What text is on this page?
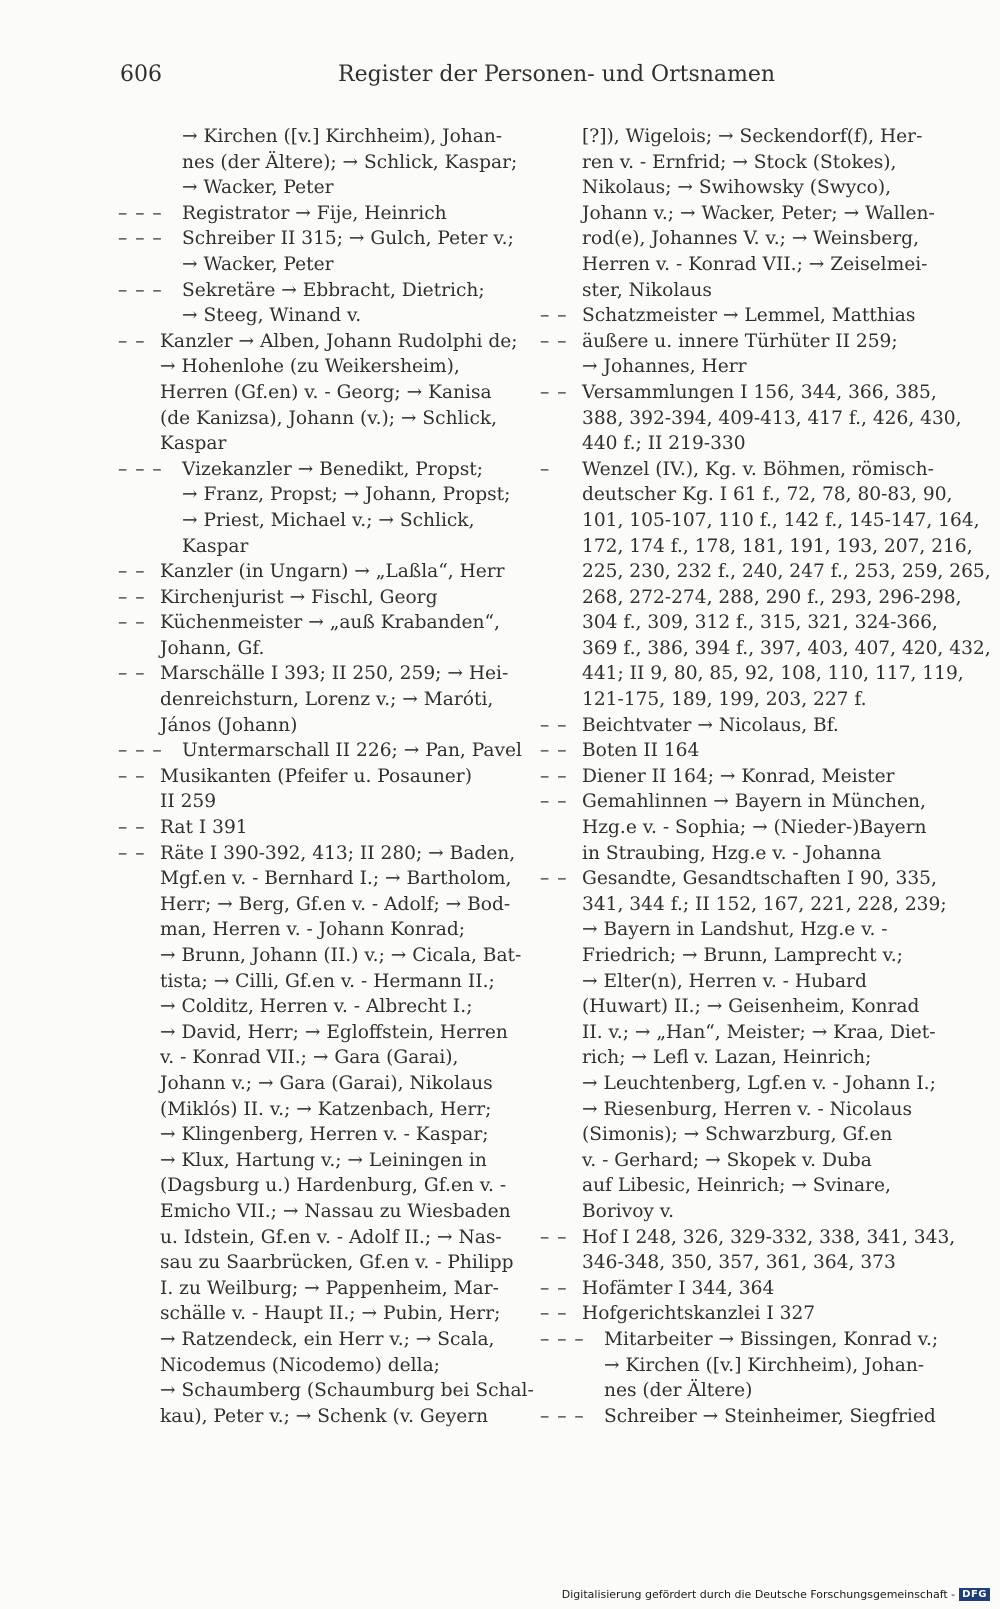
606	Register der Personen- und Ortsnamen
→ Kirchen ([v.] Kirchheim), Johan-
nes (der Ältere); → Schlick, Kaspar;
→ Wacker, Peter
– – –	Registrator → Fije, Heinrich
– – –	Schreiber II 315; → Gulch, Peter v.;
→ Wacker, Peter
– – –	Sekretäre → Ebbracht, Dietrich;
→ Steeg, Winand v.
– – Kanzler → Alben, Johann Rudolphi de;
→ Hohenlohe (zu Weikersheim),
Herren (Gf.en) v. - Georg; → Kanisa
(de Kanizsa), Johann (v.); → Schlick,
Kaspar
– – –	Vizekanzler → Benedikt, Propst;
→ Franz, Propst; → Johann, Propst;
→ Priest, Michael v.; → Schlick,
Kaspar
– – Kanzler (in Ungarn) → „Laßla“, Herr
– – Kirchenjurist → Fischl, Georg
– – Küchenmeister → „auß Krabanden“,
Johann, Gf.
– – Marschälle I 393; II 250, 259; → Hei-
denreichsturn, Lorenz v.; → Maróti,
János (Johann)
– – –	Untermarschall II 226; → Pan, Pavel
– – Musikanten (Pfeifer u. Posauner)
II 259
– – Rat I 391
– – Räte I 390-392, 413; II 280; → Baden,
Mgf.en v. - Bernhard I.; → Bartholom,
Herr; → Berg, Gf.en v. - Adolf; → Bod-
man, Herren v. - Johann Konrad;
→ Brunn, Johann (II.) v.; → Cicala, Bat-
tista; → Cilli, Gf.en v. - Hermann II.;
→ Colditz, Herren v. - Albrecht I.;
→ David, Herr; → Egloffstein, Herren
v. - Konrad VII.; → Gara (Garai),
Johann v.; → Gara (Garai), Nikolaus
(Miklós) II. v.; → Katzenbach, Herr;
→ Klingenberg, Herren v. - Kaspar;
→ Klux, Hartung v.; → Leiningen in
(Dagsburg u.) Hardenburg, Gf.en v. -
Emicho VII.; → Nassau zu Wiesbaden
u. Idstein, Gf.en v. - Adolf II.; → Nas-
sau zu Saarbrücken, Gf.en v. - Philipp
I. zu Weilburg; → Pappenheim, Mar-
schälle v. - Haupt II.; → Pubin, Herr;
→ Ratzendeck, ein Herr v.; → Scala,
Nicodemus (Nicodemo) della;
→ Schaumberg (Schaumburg bei Schal-
kau), Peter v.; → Schenk (v. Geyern
[?]), Wigelois; → Seckendorf(f), Her-
ren v. - Ernfrid; → Stock (Stokes),
Nikolaus; → Swihowsky (Swyco),
Johann v.; → Wacker, Peter; → Wallen-
rod(e), Johannes V. v.; → Weinsberg,
Herren v. - Konrad VII.; → Zeiselmei-
ster, Nikolaus
– – Schatzmeister → Lemmel, Matthias
– – äußere u. innere Türhüter II 259;
→ Johannes, Herr
– – Versammlungen I 156, 344, 366, 385,
388, 392-394, 409-413, 417 f., 426, 430,
440 f.; II 219-330
–	Wenzel (IV.), Kg. v. Böhmen, römisch-
deutscher Kg. I 61 f., 72, 78, 80-83, 90,
101, 105-107, 110 f., 142 f., 145-147, 164,
172, 174 f., 178, 181, 191, 193, 207, 216,
225, 230, 232 f., 240, 247 f., 253, 259, 265,
268, 272-274, 288, 290 f., 293, 296-298,
304 f., 309, 312 f., 315, 321, 324-366,
369 f., 386, 394 f., 397, 403, 407, 420, 432,
441; II 9, 80, 85, 92, 108, 110, 117, 119,
121-175, 189, 199, 203, 227 f.
– – Beichtvater → Nicolaus, Bf.
– – Boten II 164
– – Diener II 164; → Konrad, Meister
– – Gemahlinnen → Bayern in München,
Hzg.e v. - Sophia; → (Nieder-)Bayern
in Straubing, Hzg.e v. - Johanna
– – Gesandte, Gesandtschaften I 90, 335,
341, 344 f.; II 152, 167, 221, 228, 239;
→ Bayern in Landshut, Hzg.e v. -
Friedrich; → Brunn, Lamprecht v.;
→ Elter(n), Herren v. - Hubard
(Huwart) II.; → Geisenheim, Konrad
II. v.; → „Han“, Meister; → Kraa, Diet-
rich; → Lefl v. Lazan, Heinrich;
→ Leuchtenberg, Lgf.en v. - Johann I.;
→ Riesenburg, Herren v. - Nicolaus
(Simonis); → Schwarzburg, Gf.en
v. - Gerhard; → Skopek v. Duba
auf Libesic, Heinrich; → Svinare,
Borivoy v.
– – Hof I 248, 326, 329-332, 338, 341, 343,
346-348, 350, 357, 361, 364, 373
– – Hofämter I 344, 364
– – Hofgerichtskanzlei I 327
– – –	Mitarbeiter → Bissingen, Konrad v.;
→ Kirchen ([v.] Kirchheim), Johan-
nes (der Ältere)
– – –	Schreiber → Steinheimer, Siegfried
Digitalisierung gefördert durch die Deutsche Forschungsgemeinschaft - DFG
